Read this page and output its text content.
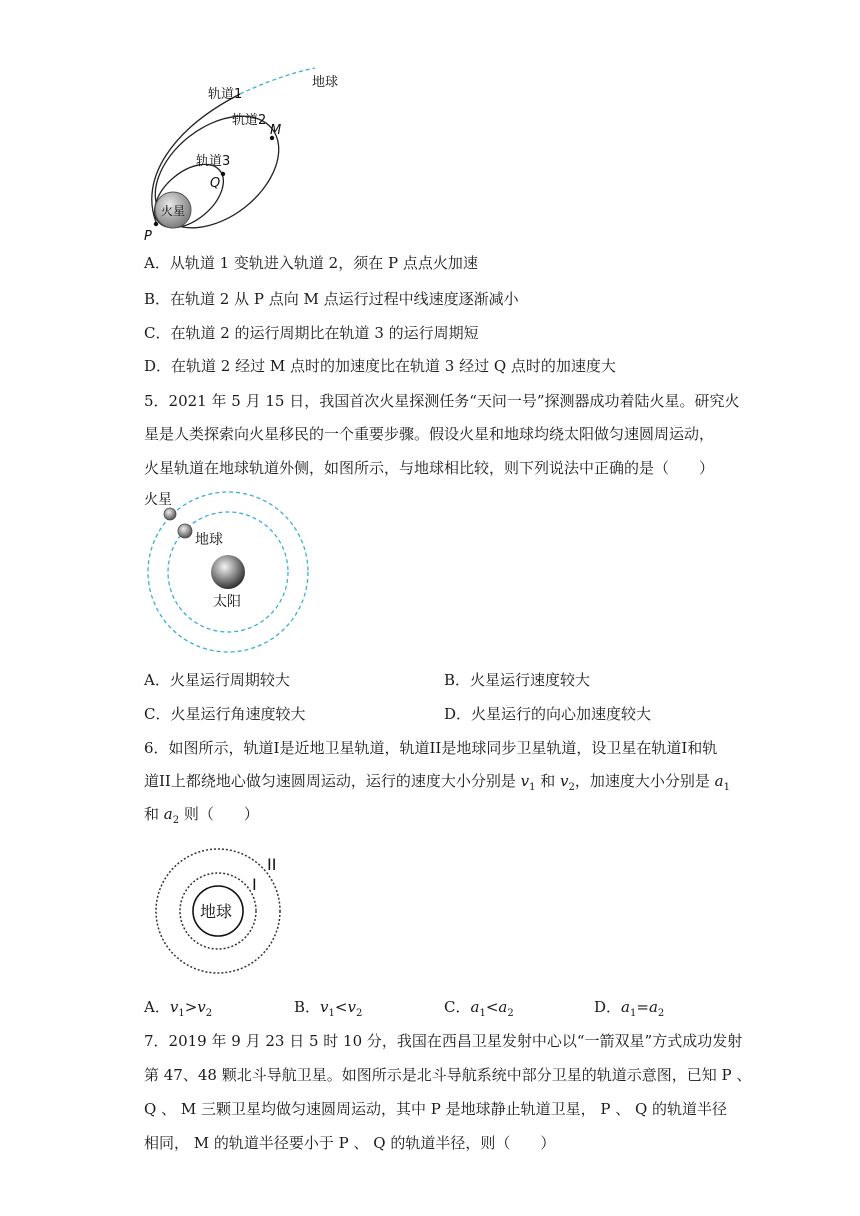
火星
P
M
Q
轨道1
轨道2
轨道3
地球
A．从轨道 1 变轨进入轨道 2，须在 P 点点火加速
B．在轨道 2 从 P 点向 M 点运行过程中线速度逐渐减小
C．在轨道 2 的运行周期比在轨道 3 的运行周期短
D．在轨道 2 经过 M 点时的加速度比在轨道 3 经过 Q 点时的加速度大
5．2021 年 5 月 15 日，我国首次火星探测任务“天问一号”探测器成功着陆火星。研究火
星是人类探索向火星移民的一个重要步骤。假设火星和地球均绕太阳做匀速圆周运动，
火星轨道在地球轨道外侧，如图所示，与地球相比较，则下列说法中正确的是（　　）
火星
地球
太阳
A．火星运行周期较大	B．火星运行速度较大
C．火星运行角速度较大	D．火星运行的向心加速度较大
6．如图所示，轨道I是近地卫星轨道，轨道II是地球同步卫星轨道，设卫星在轨道I和轨
道II上都绕地心做匀速圆周运动，运行的速度大小分别是 $v_1$ 和 $v_2$，加速度大小分别是 $a_1$
和 $a_2$ 则（　　）
地球
I
II
A．$v_1>v_2$	B．$v_1<v_2$	C．$a_1<a_2$	D．$a_1=a_2$
7．2019 年 9 月 23 日 5 时 10 分，我国在西昌卫星发射中心以“一箭双星”方式成功发射
第 47、48 颗北斗导航卫星。如图所示是北斗导航系统中部分卫星的轨道示意图，已知 P 、
Q 、 M 三颗卫星均做匀速圆周运动，其中 P 是地球静止轨道卫星， P 、 Q 的轨道半径
相同， M 的轨道半径要小于 P 、 Q 的轨道半径，则（　　）
